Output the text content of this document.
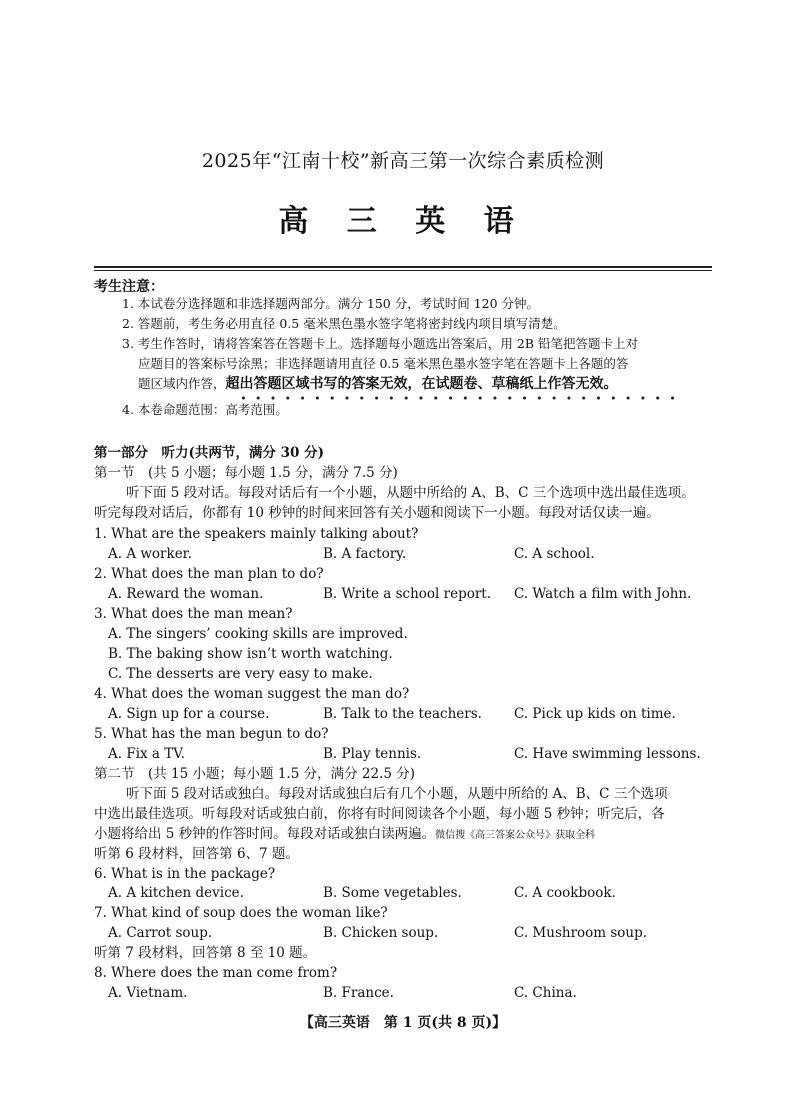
2025年“江南十校”新高三第一次综合素质检测
高 三 英 语
考生注意：
1. 本试卷分选择题和非选择题两部分。满分 150 分，考试时间 120 分钟。
2. 答题前，考生务必用直径 0.5 毫米黑色墨水签字笔将密封线内项目填写清楚。
3. 考生作答时，请将答案答在答题卡上。选择题每小题选出答案后，用 2B 铅笔把答题卡上对
应题目的答案标号涂黑；非选择题请用直径 0.5 毫米黑色墨水签字笔在答题卡上各题的答
题区域内作答，超出答题区域书写的答案无效，在试题卷、草稿纸上作答无效。
4. 本卷命题范围：高考范围。
第一部分　听力(共两节，满分 30 分)
第一节　(共 5 小题；每小题 1.5 分，满分 7.5 分)
听下面 5 段对话。每段对话后有一个小题，从题中所给的 A、B、C 三个选项中选出最佳选项。
听完每段对话后，你都有 10 秒钟的时间来回答有关小题和阅读下一小题。每段对话仅读一遍。
1. What are the speakers mainly talking about?
A. A worker.	B. A factory.	C. A school.
2. What does the man plan to do?
A. Reward the woman.	B. Write a school report. C. Watch a film with John.
3. What does the man mean?
A. The singers’ cooking skills are improved.
B. The baking show isn’t worth watching.
C. The desserts are very easy to make.
4. What does the woman suggest the man do?
A. Sign up for a course.	B. Talk to the teachers. C. Pick up kids on time.
5. What has the man begun to do?
A. Fix a TV.	B. Play tennis.	C. Have swimming lessons.
第二节　(共 15 小题；每小题 1.5 分，满分 22.5 分)
听下面 5 段对话或独白。每段对话或独白后有几个小题，从题中所给的 A、B、C 三个选项
中选出最佳选项。听每段对话或独白前，你将有时间阅读各个小题，每小题 5 秒钟；听完后，各
小题将给出 5 秒钟的作答时间。每段对话或独白读两遍。微信搜《高三答案公众号》获取全科
听第 6 段材料，回答第 6、7 题。
6. What is in the package?
A. A kitchen device.	B. Some vegetables.	C. A cookbook.
7. What kind of soup does the woman like?
A. Carrot soup.	B. Chicken soup.	C. Mushroom soup.
听第 7 段材料，回答第 8 至 10 题。
8. Where does the man come from?
A. Vietnam.	B. France.	C. China.
【高三英语　第 1 页(共 8 页)】
